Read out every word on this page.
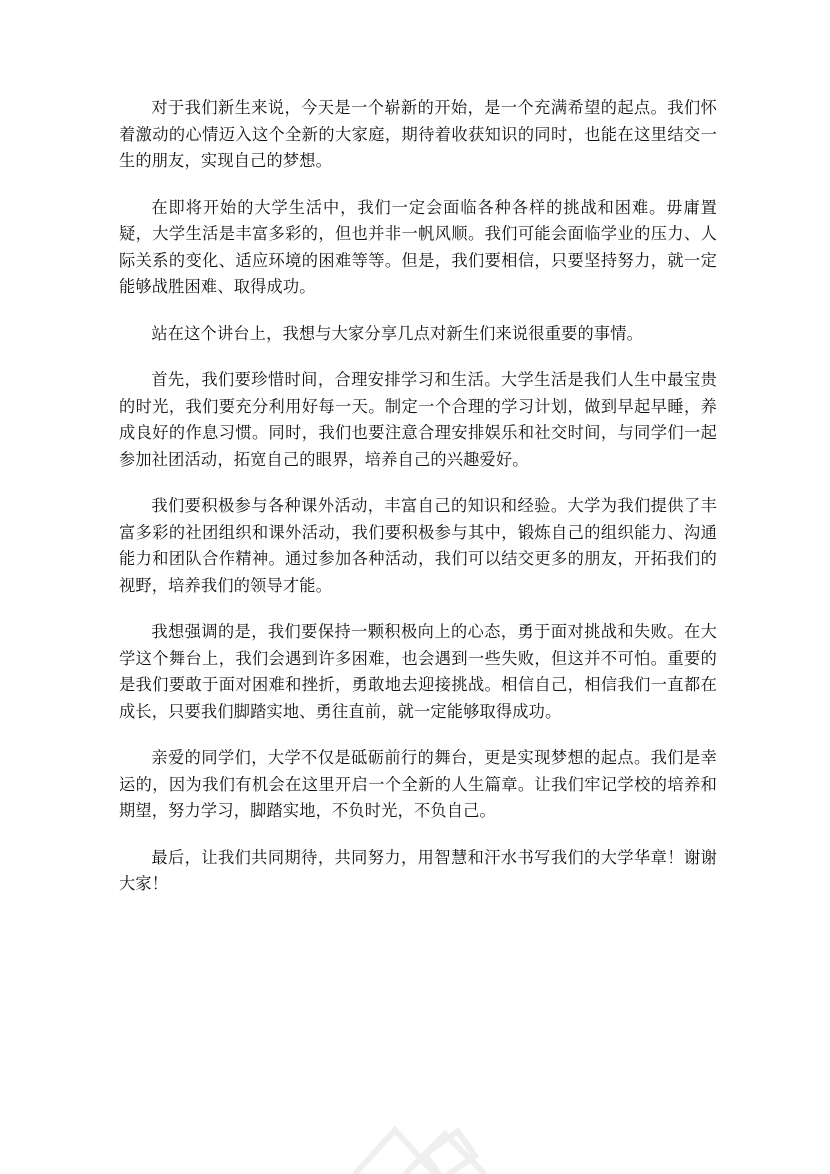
对于我们新生来说，今天是一个崭新的开始，是一个充满希望的起点。我们怀着激动的心情迈入这个全新的大家庭，期待着收获知识的同时，也能在这里结交一生的朋友，实现自己的梦想。

在即将开始的大学生活中，我们一定会面临各种各样的挑战和困难。毋庸置疑，大学生活是丰富多彩的，但也并非一帆风顺。我们可能会面临学业的压力、人际关系的变化、适应环境的困难等等。但是，我们要相信，只要坚持努力，就一定能够战胜困难、取得成功。

站在这个讲台上，我想与大家分享几点对新生们来说很重要的事情。

首先，我们要珍惜时间，合理安排学习和生活。大学生活是我们人生中最宝贵的时光，我们要充分利用好每一天。制定一个合理的学习计划，做到早起早睡，养成良好的作息习惯。同时，我们也要注意合理安排娱乐和社交时间，与同学们一起参加社团活动，拓宽自己的眼界，培养自己的兴趣爱好。

我们要积极参与各种课外活动，丰富自己的知识和经验。大学为我们提供了丰富多彩的社团组织和课外活动，我们要积极参与其中，锻炼自己的组织能力、沟通能力和团队合作精神。通过参加各种活动，我们可以结交更多的朋友，开拓我们的视野，培养我们的领导才能。

我想强调的是，我们要保持一颗积极向上的心态，勇于面对挑战和失败。在大学这个舞台上，我们会遇到许多困难，也会遇到一些失败，但这并不可怕。重要的是我们要敢于面对困难和挫折，勇敢地去迎接挑战。相信自己，相信我们一直都在成长，只要我们脚踏实地、勇往直前，就一定能够取得成功。

亲爱的同学们，大学不仅是砥砺前行的舞台，更是实现梦想的起点。我们是幸运的，因为我们有机会在这里开启一个全新的人生篇章。让我们牢记学校的培养和期望，努力学习，脚踏实地，不负时光，不负自己。

最后，让我们共同期待，共同努力，用智慧和汗水书写我们的大学华章！谢谢大家！
